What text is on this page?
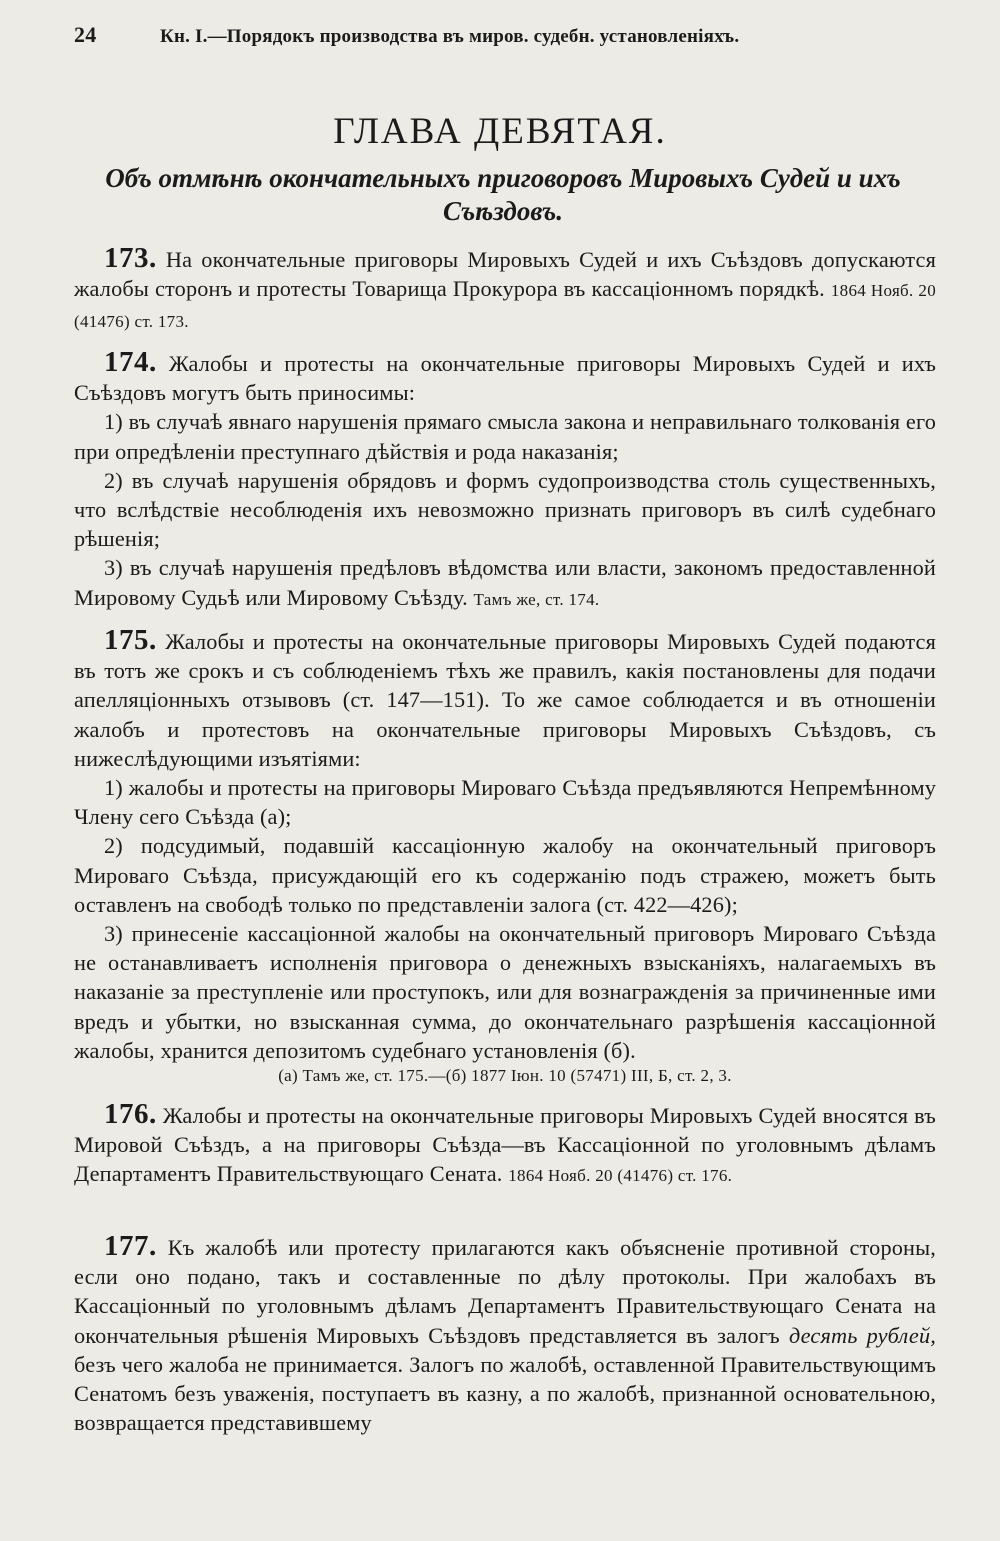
24	Кн. I.—Порядокъ производства въ миров. судебн. установленіяхъ.
ГЛАВА ДЕВЯТАЯ.
Объ отмѣнѣ окончательныхъ приговоровъ Мировыхъ Судей и ихъ Съѣздовъ.

173. На окончательные приговоры Мировыхъ Судей и ихъ Съѣздовъ допускаются жалобы сторонъ и протесты Товарища Прокурора въ кассаціонномъ порядкѣ. 1864 Нояб. 20 (41476) ст. 173.

174. Жалобы и протесты на окончательные приговоры Мировыхъ Судей и ихъ Съѣздовъ могутъ быть приносимы:

1) въ случаѣ явнаго нарушенія прямаго смысла закона и неправильнаго толкованія его при опредѣленіи преступнаго дѣйствія и рода наказанія;

2) въ случаѣ нарушенія обрядовъ и формъ судопроизводства столь существенныхъ, что вслѣдствіе несоблюденія ихъ невозможно признать приговоръ въ силѣ судебнаго рѣшенія;

3) въ случаѣ нарушенія предѣловъ вѣдомства или власти, закономъ предоставленной Мировому Судьѣ или Мировому Съѣзду. Тамъ же, ст. 174.

175. Жалобы и протесты на окончательные приговоры Мировыхъ Судей подаются въ тотъ же срокъ и съ соблюденіемъ тѣхъ же правилъ, какія постановлены для подачи апелляціонныхъ отзывовъ (ст. 147—151). То же самое соблюдается и въ отношеніи жалобъ и протестовъ на окончательные приговоры Мировыхъ Съѣздовъ, съ нижеслѣдующими изъятіями:

1) жалобы и протесты на приговоры Мироваго Съѣзда предъявляются Непремѣнному Члену сего Съѣзда (а);

2) подсудимый, подавшій кассаціонную жалобу на окончательный приговоръ Мироваго Съѣзда, присуждающій его къ содержанію подъ стражею, можетъ быть оставленъ на свободѣ только по представленіи залога (ст. 422—426);

3) принесеніе кассаціонной жалобы на окончательный приговоръ Мироваго Съѣзда не останавливаетъ исполненія приговора о денежныхъ взысканіяхъ, налагаемыхъ въ наказаніе за преступленіе или проступокъ, или для вознагражденія за причиненные ими вредъ и убытки, но взысканная сумма, до окончательнаго разрѣшенія кассаціонной жалобы, хранится депозитомъ судебнаго установленія (б).

(а) Тамъ же, ст. 175.—(б) 1877 Іюн. 10 (57471) III, Б, ст. 2, 3.

176. Жалобы и протесты на окончательные приговоры Мировыхъ Судей вносятся въ Мировой Съѣздъ, а на приговоры Съѣзда—въ Кассаціонной по уголовнымъ дѣламъ Департаментъ Правительствующаго Сената. 1864 Нояб. 20 (41476) ст. 176.

177. Къ жалобѣ или протесту прилагаются какъ объясненіе противной стороны, если оно подано, такъ и составленные по дѣлу протоколы. При жалобахъ въ Кассаціонный по уголовнымъ дѣламъ Департаментъ Правительствующаго Сената на окончательныя рѣшенія Мировыхъ Съѣздовъ представляется въ залогъ десять рублей, безъ чего жалоба не принимается. Залогъ по жалобѣ, оставленной Правительствующимъ Сенатомъ безъ уваженія, поступаетъ въ казну, а по жалобѣ, признанной основательною, возвращается представившему
